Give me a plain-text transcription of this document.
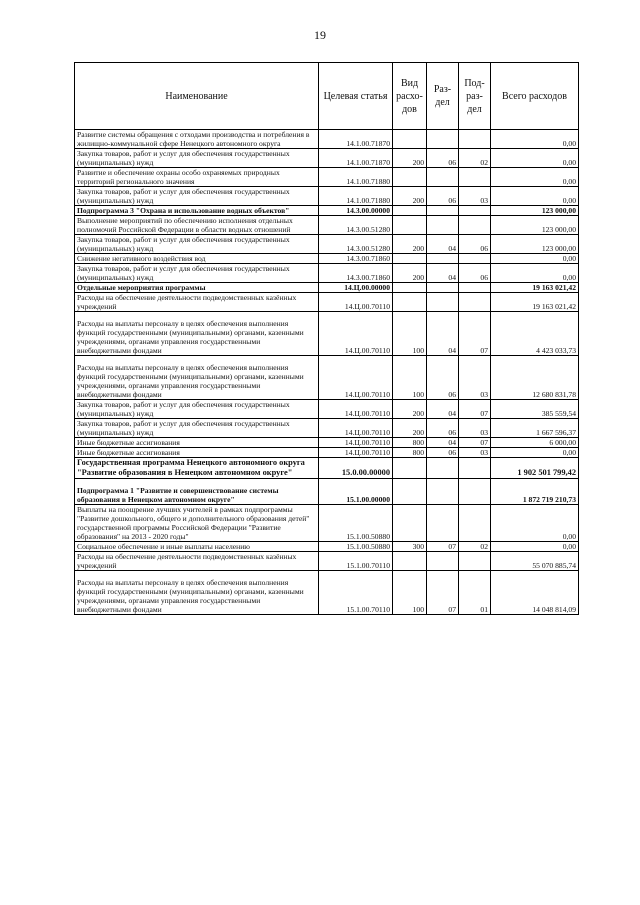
19
Наименование	Целевая статья	Вид расхо-дов	Раз-дел	Под-раз-дел	Всего расходов
Развитие системы обращения с отходами производства и потребления в жилищно-коммунальной сфере Ненецкого автономного округа	14.1.00.71870				0,00
Закупка товаров, работ и услуг для обеспечения государственных (муниципальных) нужд	14.1.00.71870	200	06	02	0,00
Развитие и обеспечение охраны особо охраняемых природных территорий регионального значения	14.1.00.71880				0,00
Закупка товаров, работ и услуг для обеспечения государственных (муниципальных) нужд	14.1.00.71880	200	06	03	0,00
Подпрограмма 3 "Охрана и использование водных объектов"	14.3.00.00000				123 000,00
Выполнение мероприятий по обеспечению исполнения отдельных полномочий Российской Федерации в области водных отношений	14.3.00.51280				123 000,00
Закупка товаров, работ и услуг для обеспечения государственных (муниципальных) нужд	14.3.00.51280	200	04	06	123 000,00
Снижение негативного воздействия вод	14.3.00.71860				0,00
Закупка товаров, работ и услуг для обеспечения государственных (муниципальных) нужд	14.3.00.71860	200	04	06	0,00
Отдельные мероприятия программы	14.Ц.00.00000				19 163 021,42
Расходы на обеспечение деятельности подведомственных казённых учреждений	14.Ц.00.70110				19 163 021,42
Расходы на выплаты персоналу в целях обеспечения выполнения функций государственными (муниципальными) органами, казенными учреждениями, органами управления государственными внебюджетными фондами	14.Ц.00.70110	100	04	07	4 423 033,73
Расходы на выплаты персоналу в целях обеспечения выполнения функций государственными (муниципальными) органами, казенными учреждениями, органами управления государственными внебюджетными фондами	14.Ц.00.70110	100	06	03	12 680 831,78
Закупка товаров, работ и услуг для обеспечения государственных (муниципальных) нужд	14.Ц.00.70110	200	04	07	385 559,54
Закупка товаров, работ и услуг для обеспечения государственных (муниципальных) нужд	14.Ц.00.70110	200	06	03	1 667 596,37
Иные бюджетные ассигнования	14.Ц.00.70110	800	04	07	6 000,00
Иные бюджетные ассигнования	14.Ц.00.70110	800	06	03	0,00
Государственная программа Ненецкого автономного округа "Развитие образования в Ненецком автономном округе"	15.0.00.00000				1 902 501 799,42
Подпрограмма 1 "Развитие и совершенствование системы образования в Ненецком автономном округе"	15.1.00.00000				1 872 719 210,73
Выплаты на поощрение лучших учителей в рамках подпрограммы "Развитие дошкольного, общего и дополнительного образования детей" государственной программы Российской Федерации "Развитие образования" на 2013 - 2020 годы"	15.1.00.50880				0,00
Социальное обеспечение и иные выплаты населению	15.1.00.50880	300	07	02	0,00
Расходы на обеспечение деятельности подведомственных казённых учреждений	15.1.00.70110				55 070 885,74
Расходы на выплаты персоналу в целях обеспечения выполнения функций государственными (муниципальными) органами, казенными учреждениями, органами управления государственными внебюджетными фондами	15.1.00.70110	100	07	01	14 048 814,09
